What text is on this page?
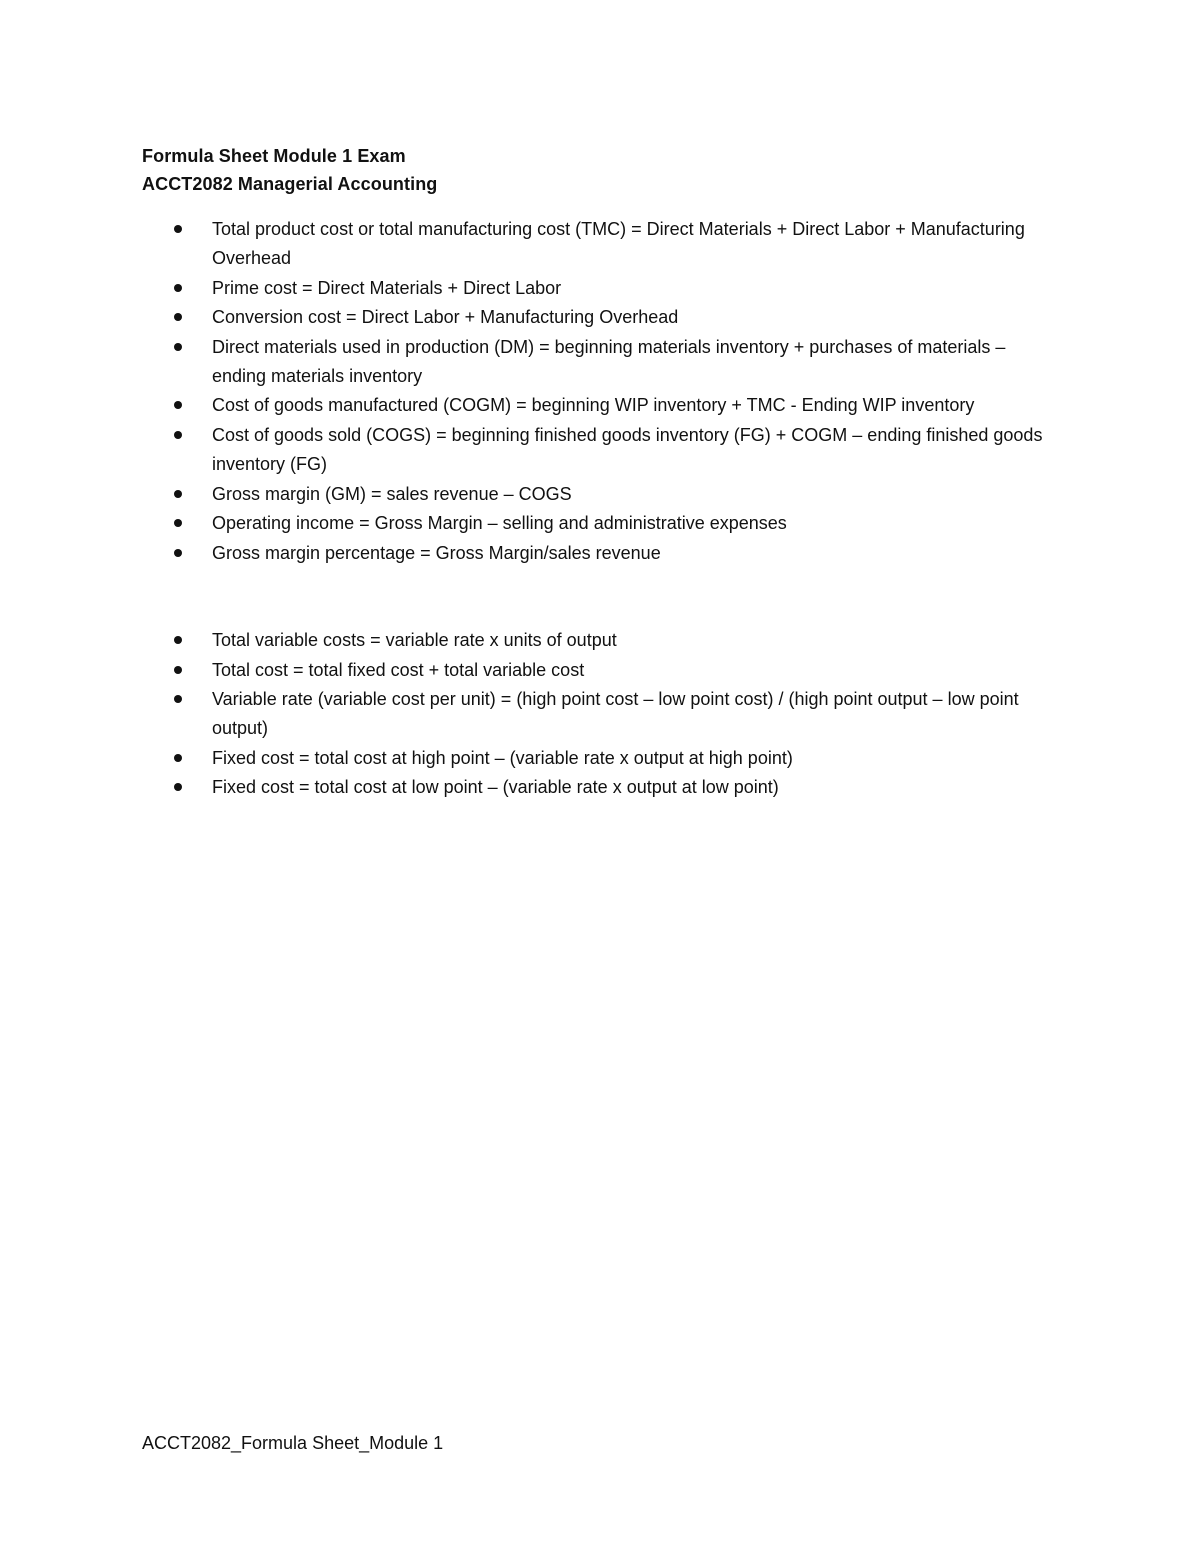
Formula Sheet Module 1 Exam
ACCT2082 Managerial Accounting
Total product cost or total manufacturing cost (TMC) = Direct Materials + Direct Labor + Manufacturing Overhead
Prime cost = Direct Materials + Direct Labor
Conversion cost = Direct Labor + Manufacturing Overhead
Direct materials used in production (DM) = beginning materials inventory + purchases of materials – ending materials inventory
Cost of goods manufactured (COGM) = beginning WIP inventory + TMC - Ending WIP inventory
Cost of goods sold (COGS) = beginning finished goods inventory (FG) + COGM – ending finished goods inventory (FG)
Gross margin (GM) = sales revenue – COGS
Operating income = Gross Margin – selling and administrative expenses
Gross margin percentage = Gross Margin/sales revenue
Total variable costs = variable rate x units of output
Total cost = total fixed cost + total variable cost
Variable rate (variable cost per unit) = (high point cost – low point cost) / (high point output – low point output)
Fixed cost = total cost at high point – (variable rate x output at high point)
Fixed cost = total cost at low point – (variable rate x output at low point)
ACCT2082_Formula Sheet_Module 1
